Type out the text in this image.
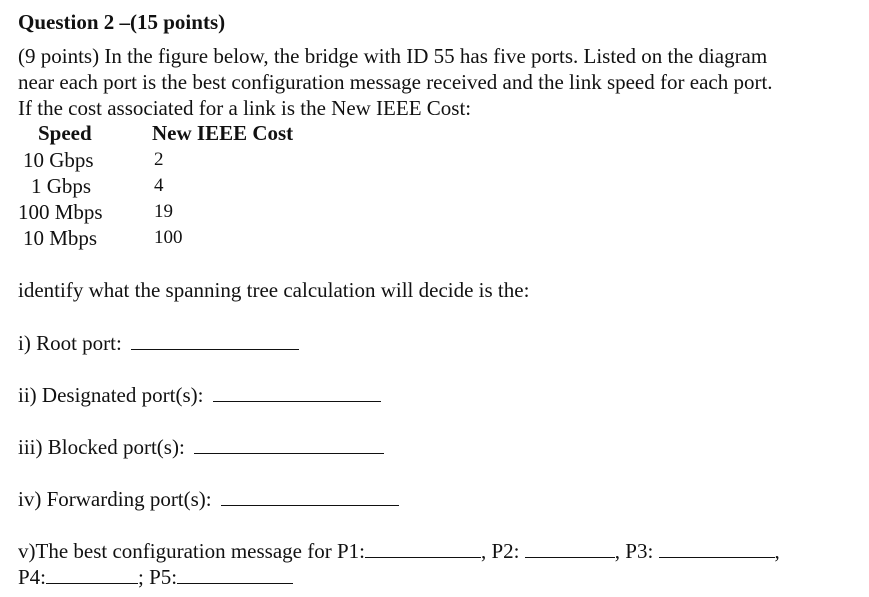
Question 2 –(15 points)
(9 points) In the figure below, the bridge with ID 55 has five ports. Listed on the diagram
near each port is the best configuration message received and the link speed for each port.
If the cost associated for a link is the New IEEE Cost:
Speed	New IEEE Cost
10 Gbps	2
1 Gbps	4
100 Mbps	19
10 Mbps	100
identify what the spanning tree calculation will decide is the:
i) Root port:
ii) Designated port(s):
iii) Blocked port(s):
iv) Forwarding port(s):
v)The best configuration message for P1:	, P2:	, P3:	,
P4:	; P5:
